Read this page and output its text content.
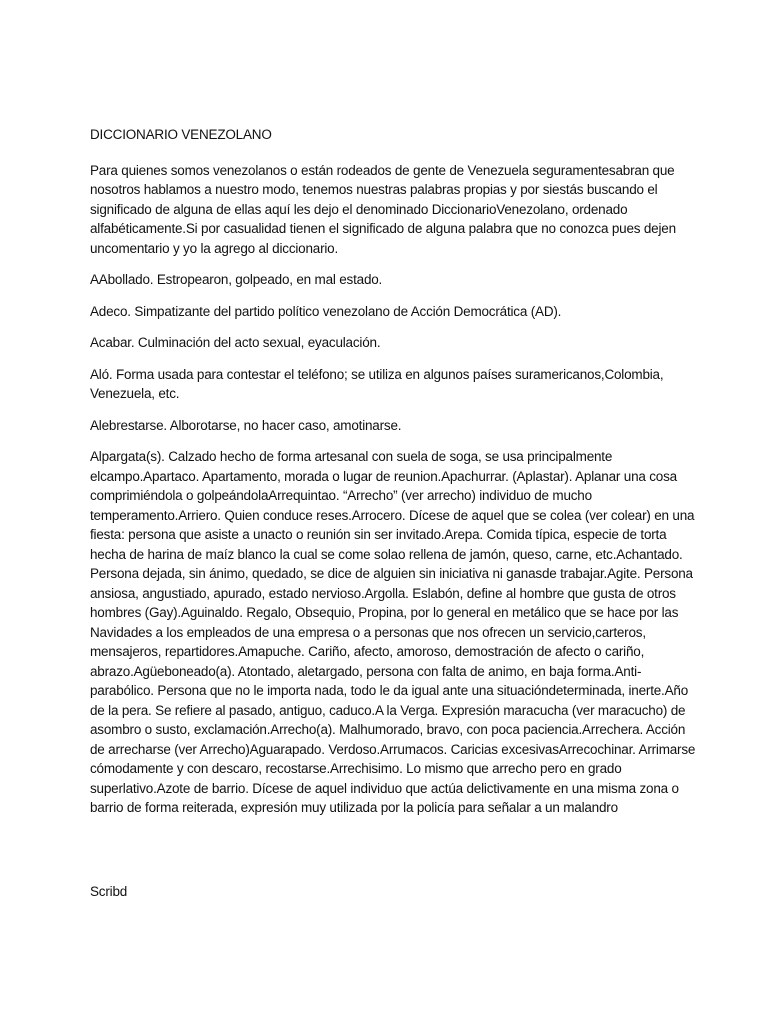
DICCIONARIO VENEZOLANO
Para quienes somos venezolanos o están rodeados de gente de Venezuela seguramentesabran que
nosotros hablamos a nuestro modo, tenemos nuestras palabras propias y por siestás buscando el
significado de alguna de ellas aquí les dejo el denominado DiccionarioVenezolano, ordenado
alfabéticamente.Si por casualidad tienen el significado de alguna palabra que no conozca pues dejen
uncomentario y yo la agrego al diccionario.
AAbollado. Estropearon, golpeado, en mal estado.
Adeco. Simpatizante del partido político venezolano de Acción Democrática (AD).
Acabar. Culminación del acto sexual, eyaculación.
Aló. Forma usada para contestar el teléfono; se utiliza en algunos países suramericanos,Colombia,
Venezuela, etc.
Alebrestarse. Alborotarse, no hacer caso, amotinarse.
Alpargata(s). Calzado hecho de forma artesanal con suela de soga, se usa principalmente
elcampo.Apartaco. Apartamento, morada o lugar de reunion.Apachurrar. (Aplastar). Aplanar una cosa
comprimiéndola o golpeándolaArrequintao. “Arrecho” (ver arrecho) individuo de mucho
temperamento.Arriero. Quien conduce reses.Arrocero. Dícese de aquel que se colea (ver colear) en una
fiesta: persona que asiste a unacto o reunión sin ser invitado.Arepa. Comida típica, especie de torta
hecha de harina de maíz blanco la cual se come solao rellena de jamón, queso, carne, etc.Achantado.
Persona dejada, sin ánimo, quedado, se dice de alguien sin iniciativa ni ganasde trabajar.Agite. Persona
ansiosa, angustiado, apurado, estado nervioso.Argolla. Eslabón, define al hombre que gusta de otros
hombres (Gay).Aguinaldo. Regalo, Obsequio, Propina, por lo general en metálico que se hace por las
Navidades a los empleados de una empresa o a personas que nos ofrecen un servicio,carteros,
mensajeros, repartidores.Amapuche. Cariño, afecto, amoroso, demostración de afecto o cariño,
abrazo.Agüeboneado(a). Atontado, aletargado, persona con falta de animo, en baja forma.Anti-
parabólico. Persona que no le importa nada, todo le da igual ante una situacióndeterminada, inerte.Año
de la pera. Se refiere al pasado, antiguo, caduco.A la Verga. Expresión maracucha (ver maracucho) de
asombro o susto, exclamación.Arrecho(a). Malhumorado, bravo, con poca paciencia.Arrechera. Acción
de arrecharse (ver Arrecho)Aguarapado. Verdoso.Arrumacos. Caricias excesivasArrecochinar. Arrimarse
cómodamente y con descaro, recostarse.Arrechisimo. Lo mismo que arrecho pero en grado
superlativo.Azote de barrio. Dícese de aquel individuo que actúa delictivamente en una misma zona o
barrio de forma reiterada, expresión muy utilizada por la policía para señalar a un malandro
Scribd
